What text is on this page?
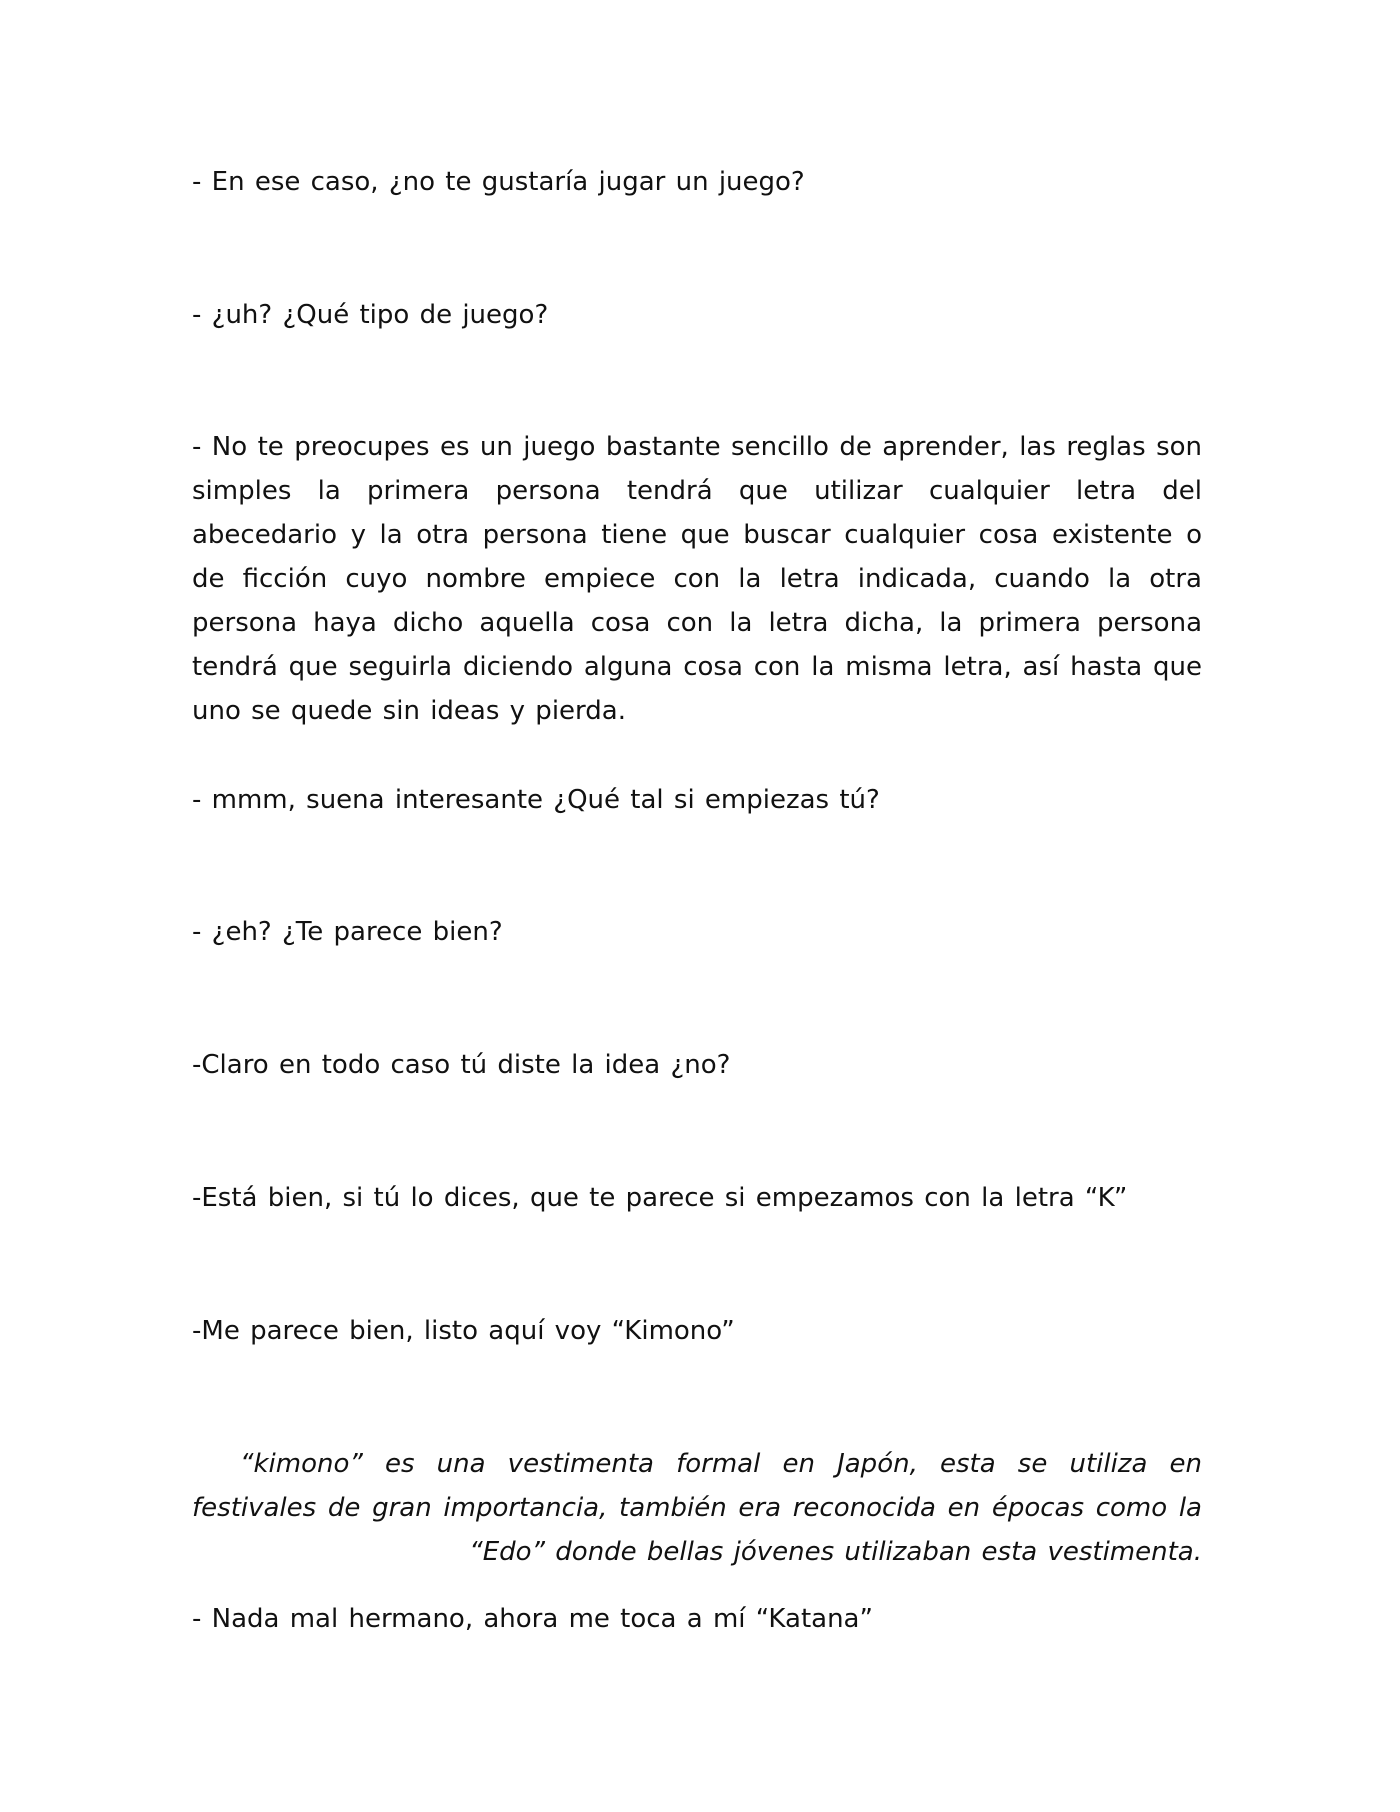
- En ese caso, ¿no te gustaría jugar un juego?

- ¿uh? ¿Qué tipo de juego?

- No te preocupes es un juego bastante sencillo de aprender, las reglas son simples la primera persona tendrá que utilizar cualquier letra del abecedario y la otra persona tiene que buscar cualquier cosa existente o de ficción cuyo nombre empiece con la letra indicada, cuando la otra persona haya dicho aquella cosa con la letra dicha, la primera persona tendrá que seguirla diciendo alguna cosa con la misma letra, así hasta que uno se quede sin ideas y pierda.

- mmm, suena interesante ¿Qué tal si empiezas tú?

- ¿eh? ¿Te parece bien?

-Claro en todo caso tú diste la idea ¿no?

-Está bien, si tú lo dices, que te parece si empezamos con la letra “K”

-Me parece bien, listo aquí voy “Kimono”

“kimono” es una vestimenta formal en Japón, esta se utiliza en festivales de gran importancia, también era reconocida en épocas como la “Edo” donde bellas jóvenes utilizaban esta vestimenta.

- Nada mal hermano, ahora me toca a mí “Katana”
